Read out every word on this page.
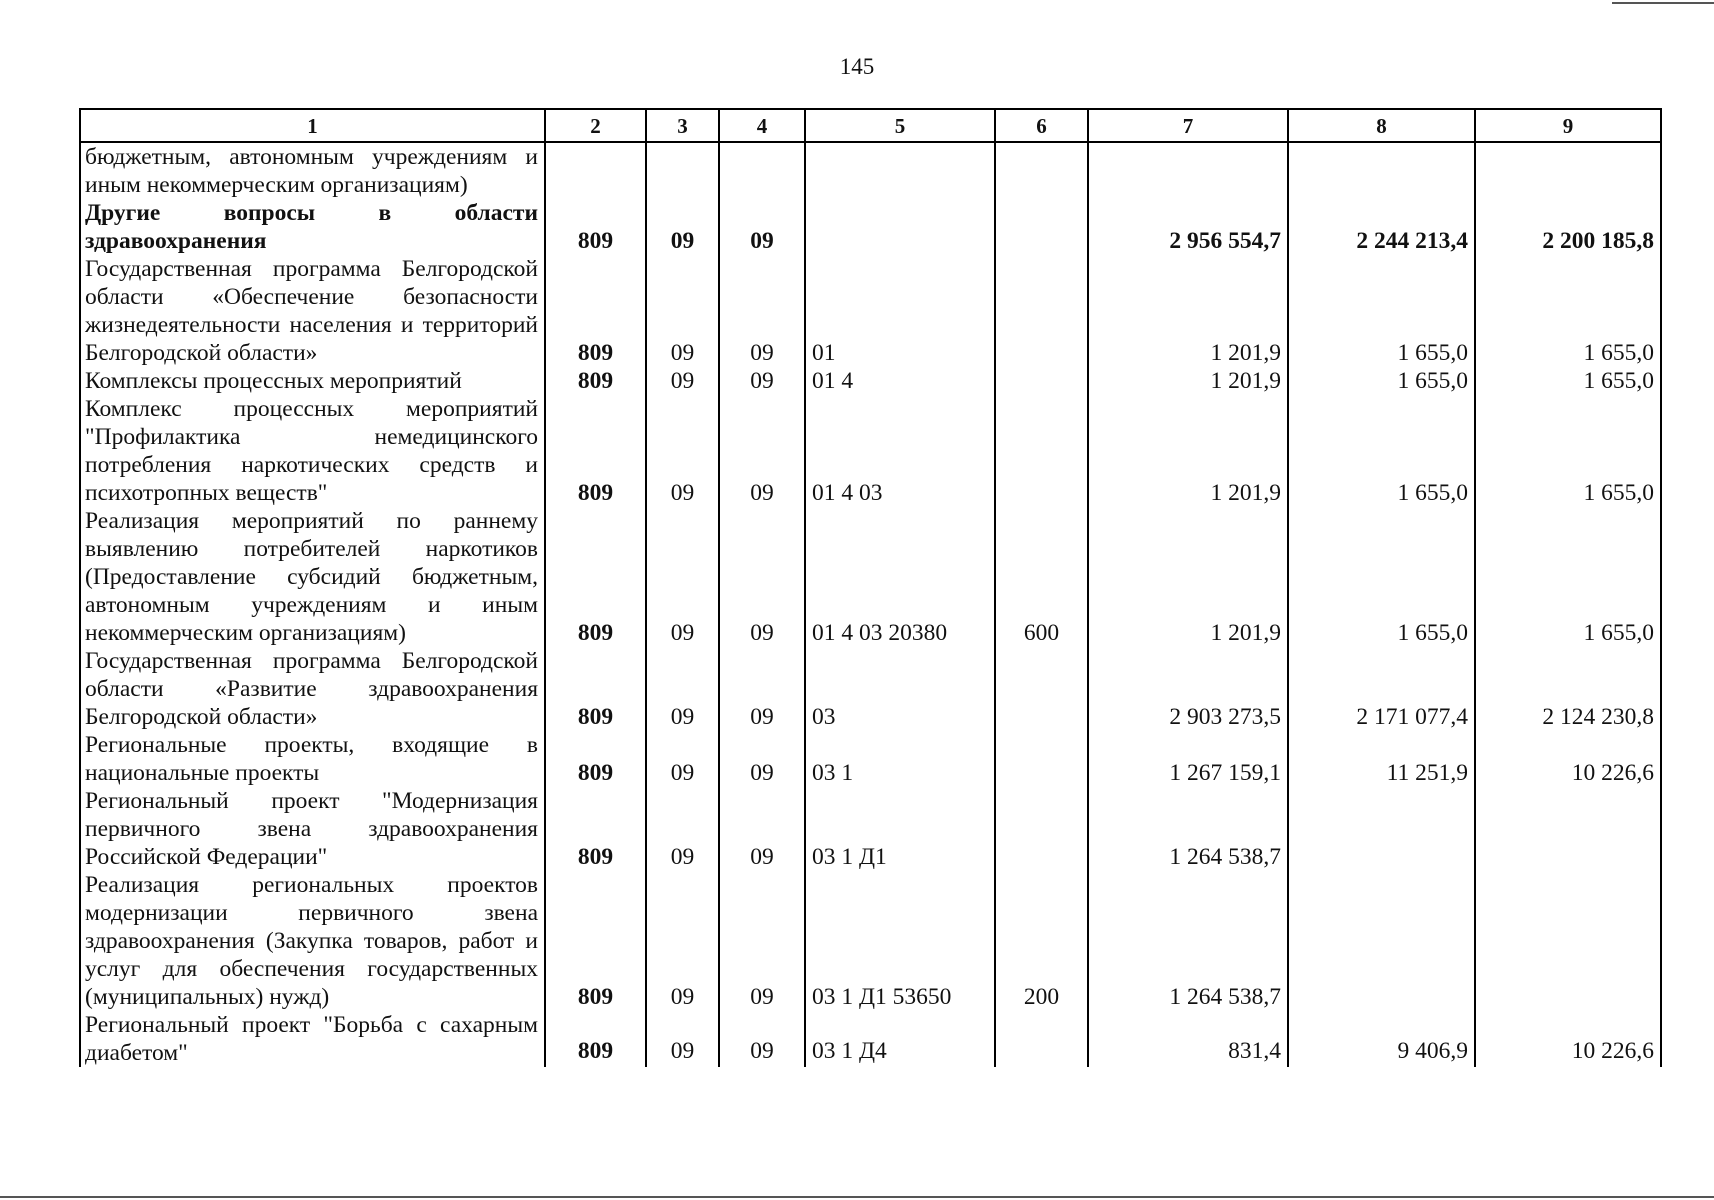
145
1	2	3	4	5	6	7	8	9
бюджетным, автономным учреждениям и иным некоммерческим организациям)								
Другие вопросы в области здравоохранения	809	09	09			2 956 554,7	2 244 213,4	2 200 185,8
Государственная программа Белгородской области «Обеспечение безопасности жизнедеятельности населения и территорий Белгородской области»	809	09	09	01		1 201,9	1 655,0	1 655,0
Комплексы процессных мероприятий	809	09	09	01 4		1 201,9	1 655,0	1 655,0
Комплекс процессных мероприятий "Профилактика немедицинского потребления наркотических средств и психотропных веществ"	809	09	09	01 4 03		1 201,9	1 655,0	1 655,0
Реализация мероприятий по раннему выявлению потребителей наркотиков (Предоставление субсидий бюджетным, автономным учреждениям и иным некоммерческим организациям)	809	09	09	01 4 03 20380	600	1 201,9	1 655,0	1 655,0
Государственная программа Белгородской области «Развитие здравоохранения Белгородской области»	809	09	09	03		2 903 273,5	2 171 077,4	2 124 230,8
Региональные проекты, входящие в национальные проекты	809	09	09	03 1		1 267 159,1	11 251,9	10 226,6
Региональный проект "Модернизация первичного звена здравоохранения Российской Федерации"	809	09	09	03 1 Д1		1 264 538,7		
Реализация региональных проектов модернизации первичного звена здравоохранения (Закупка товаров, работ и услуг для обеспечения государственных (муниципальных) нужд)	809	09	09	03 1 Д1 53650	200	1 264 538,7		
Региональный проект "Борьба с сахарным диабетом"	809	09	09	03 1 Д4		831,4	9 406,9	10 226,6
